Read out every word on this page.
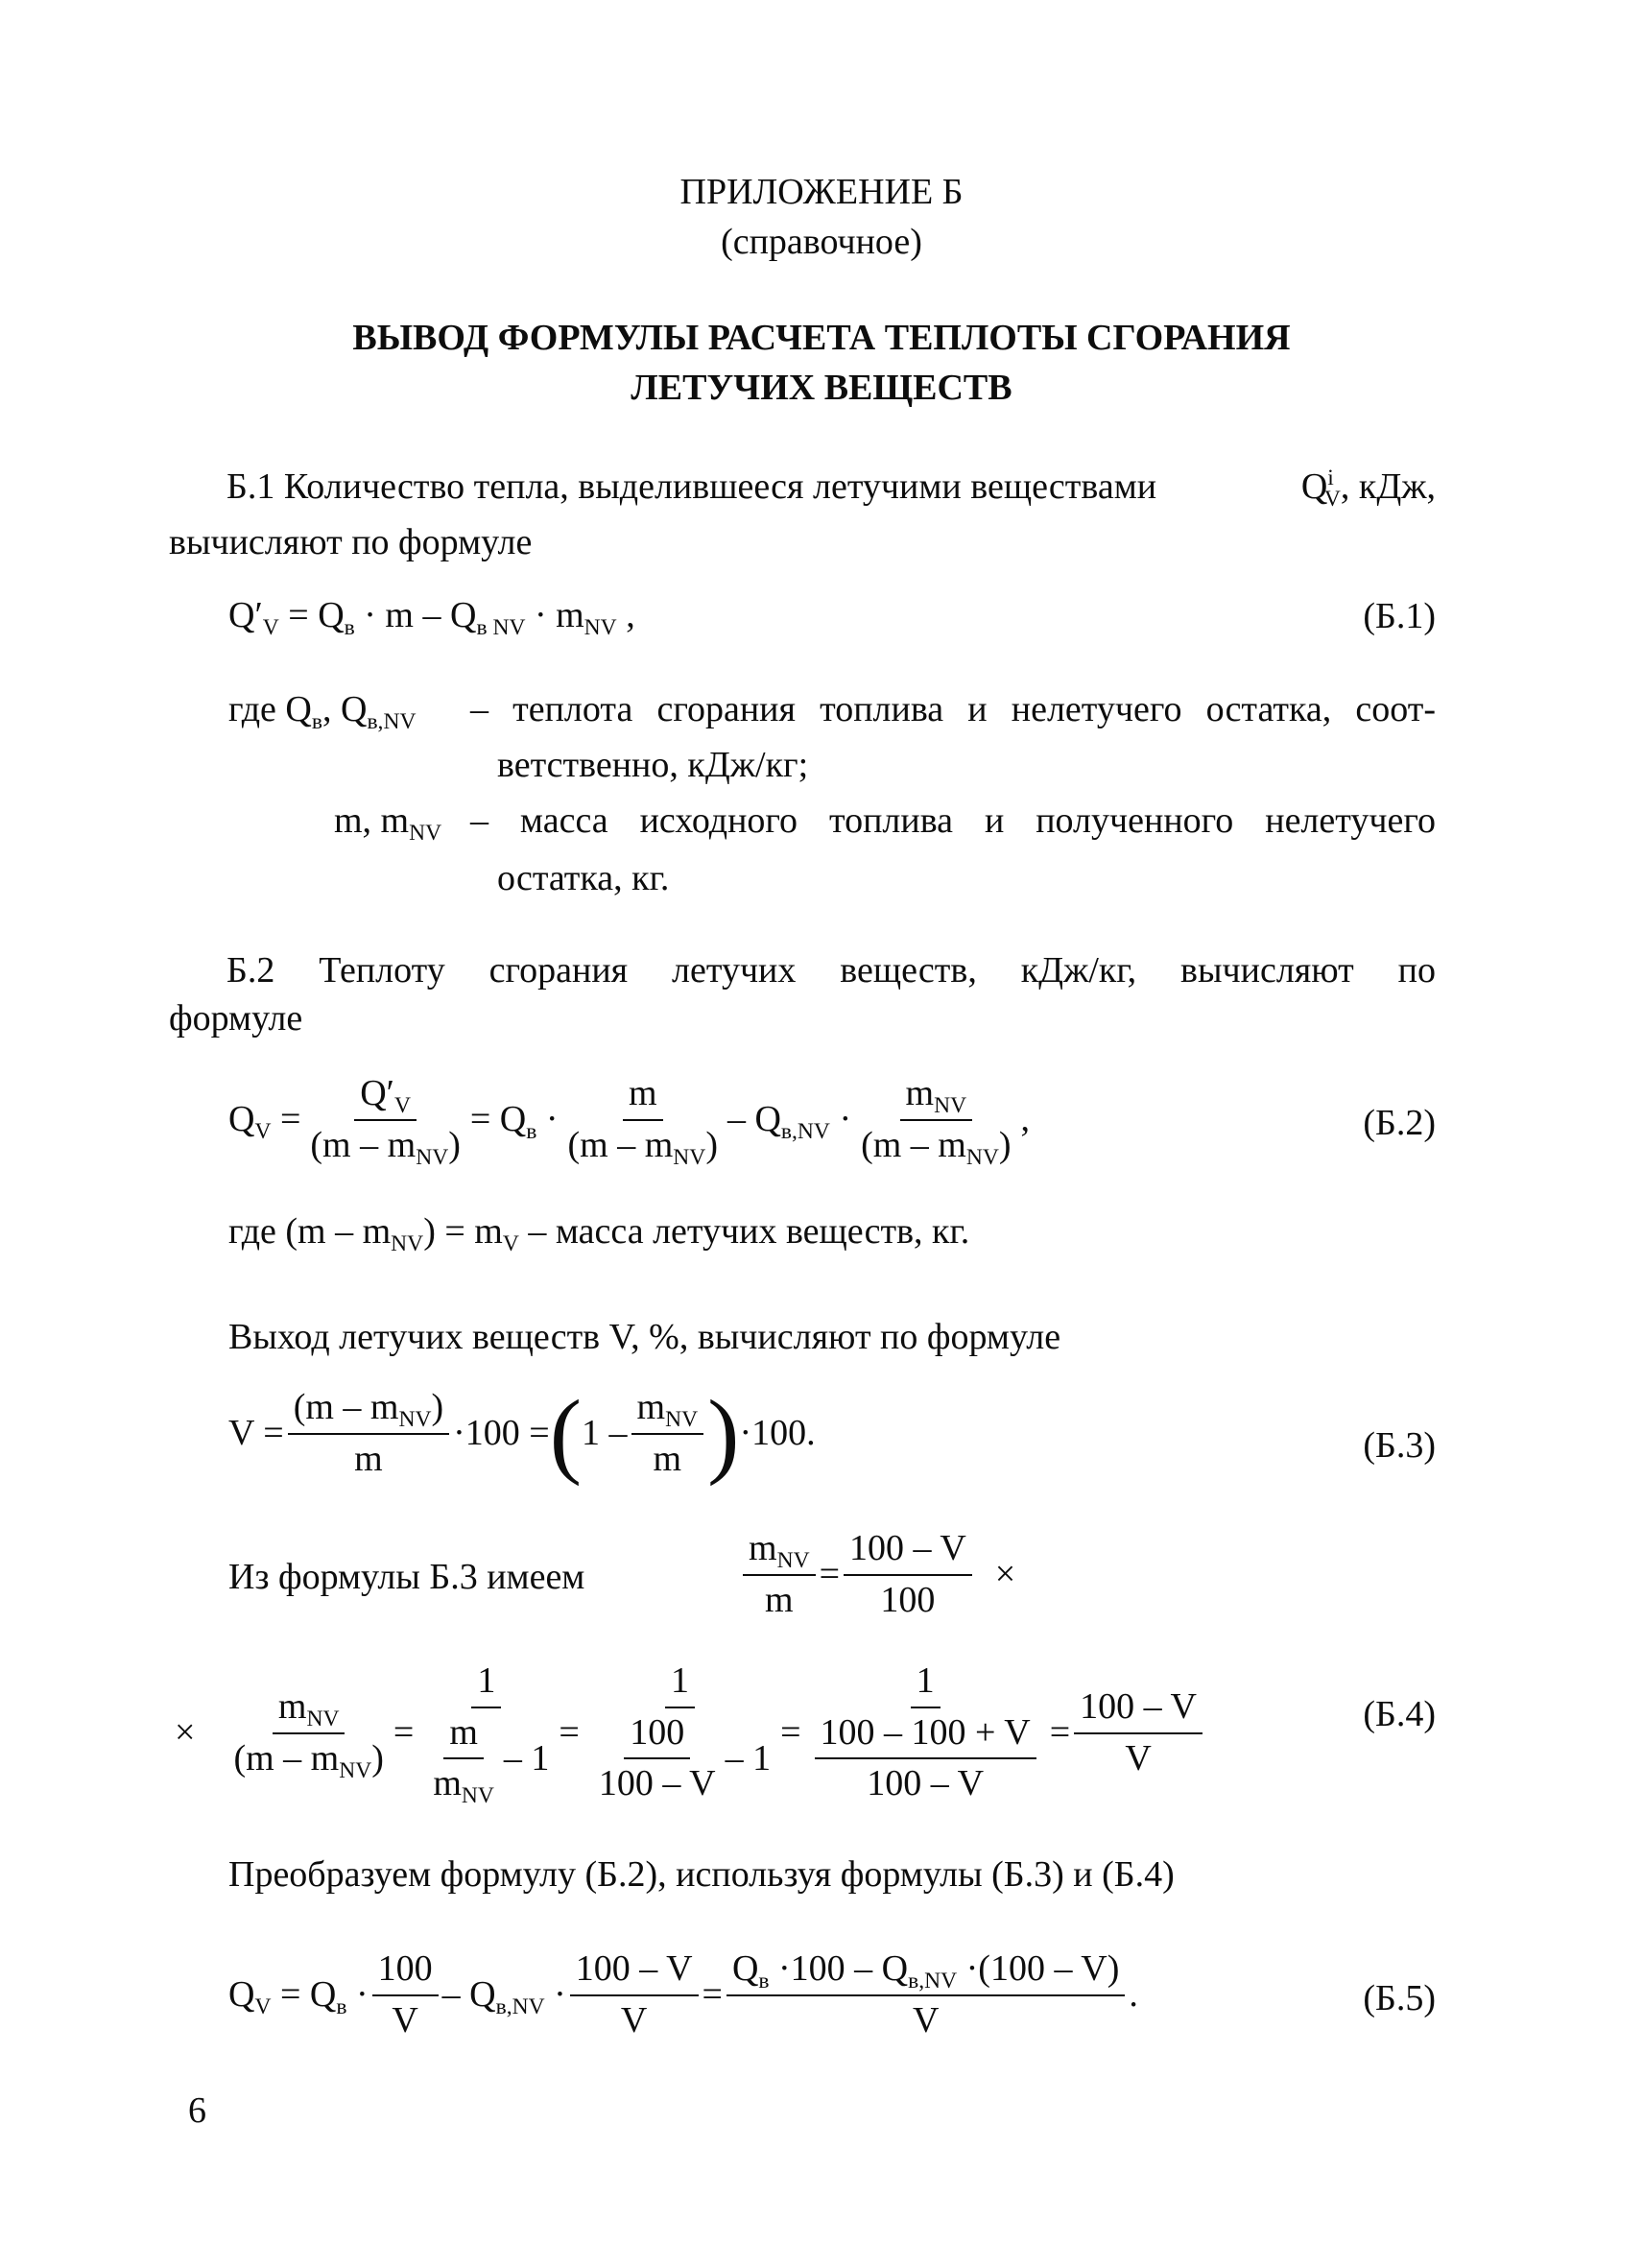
ПРИЛОЖЕНИЕ Б
(справочное)
ВЫВОД ФОРМУЛЫ РАСЧЕТА ТЕПЛОТЫ СГОРАНИЯ
ЛЕТУЧИХ ВЕЩЕСТВ
Б.1 Количество тепла, выделившееся летучими веществами	$Q^i_V$, кДж,
вычисляют по формуле
$Q'_V = Q_в \cdot m - Q_{в NV} \cdot m_{NV}$ ,	(Б.1)
где $Q_в$, $Q_{в,NV}$ – теплота сгорания топлива и нелетучего остатка, соот-
ветственно, кДж/кг;
m, $m_{NV}$ – масса исходного топлива и полученного нелетучего
остатка, кг.
Б.2 Теплоту сгорания летучих веществ, кДж/кг, вычисляют по
формуле
$Q_V = \frac{Q'_V}{(m - m_{NV})} = Q_в \cdot \frac{m}{(m - m_{NV})} - Q_{в,NV} \cdot \frac{m_{NV}}{(m - m_{NV})}$ ,	(Б.2)
где $(m - m_{NV}) = m_V$ – масса летучих веществ, кг.
Выход летучих веществ V, %, вычисляют по формуле
$V = \frac{(m - m_{NV})}{m} \cdot 100$ = ( $1 - \frac{m_{NV}}{m}$ ) ·100.	(Б.3)
Из формулы Б.3 имеем	$\frac{m_{NV}}{m} = \frac{100 - V}{100}$ ×
× $\frac{m_{NV}}{(m - m_{NV})} = \frac{1}{\frac{m}{m_{NV}} - 1} = \frac{1}{\frac{100}{100 - V} - 1} = \frac{1}{\frac{100 - 100 + V}{100 - V}} = \frac{100 - V}{V}$	(Б.4)
Преобразуем формулу (Б.2), используя формулы (Б.3) и (Б.4)
$Q_V = Q_в \cdot \frac{100}{V} - Q_{в,NV} \cdot \frac{100 - V}{V} = \frac{Q_в \cdot 100 - Q_{в,NV} \cdot(100 - V)}{V}$ .	(Б.5)
6
